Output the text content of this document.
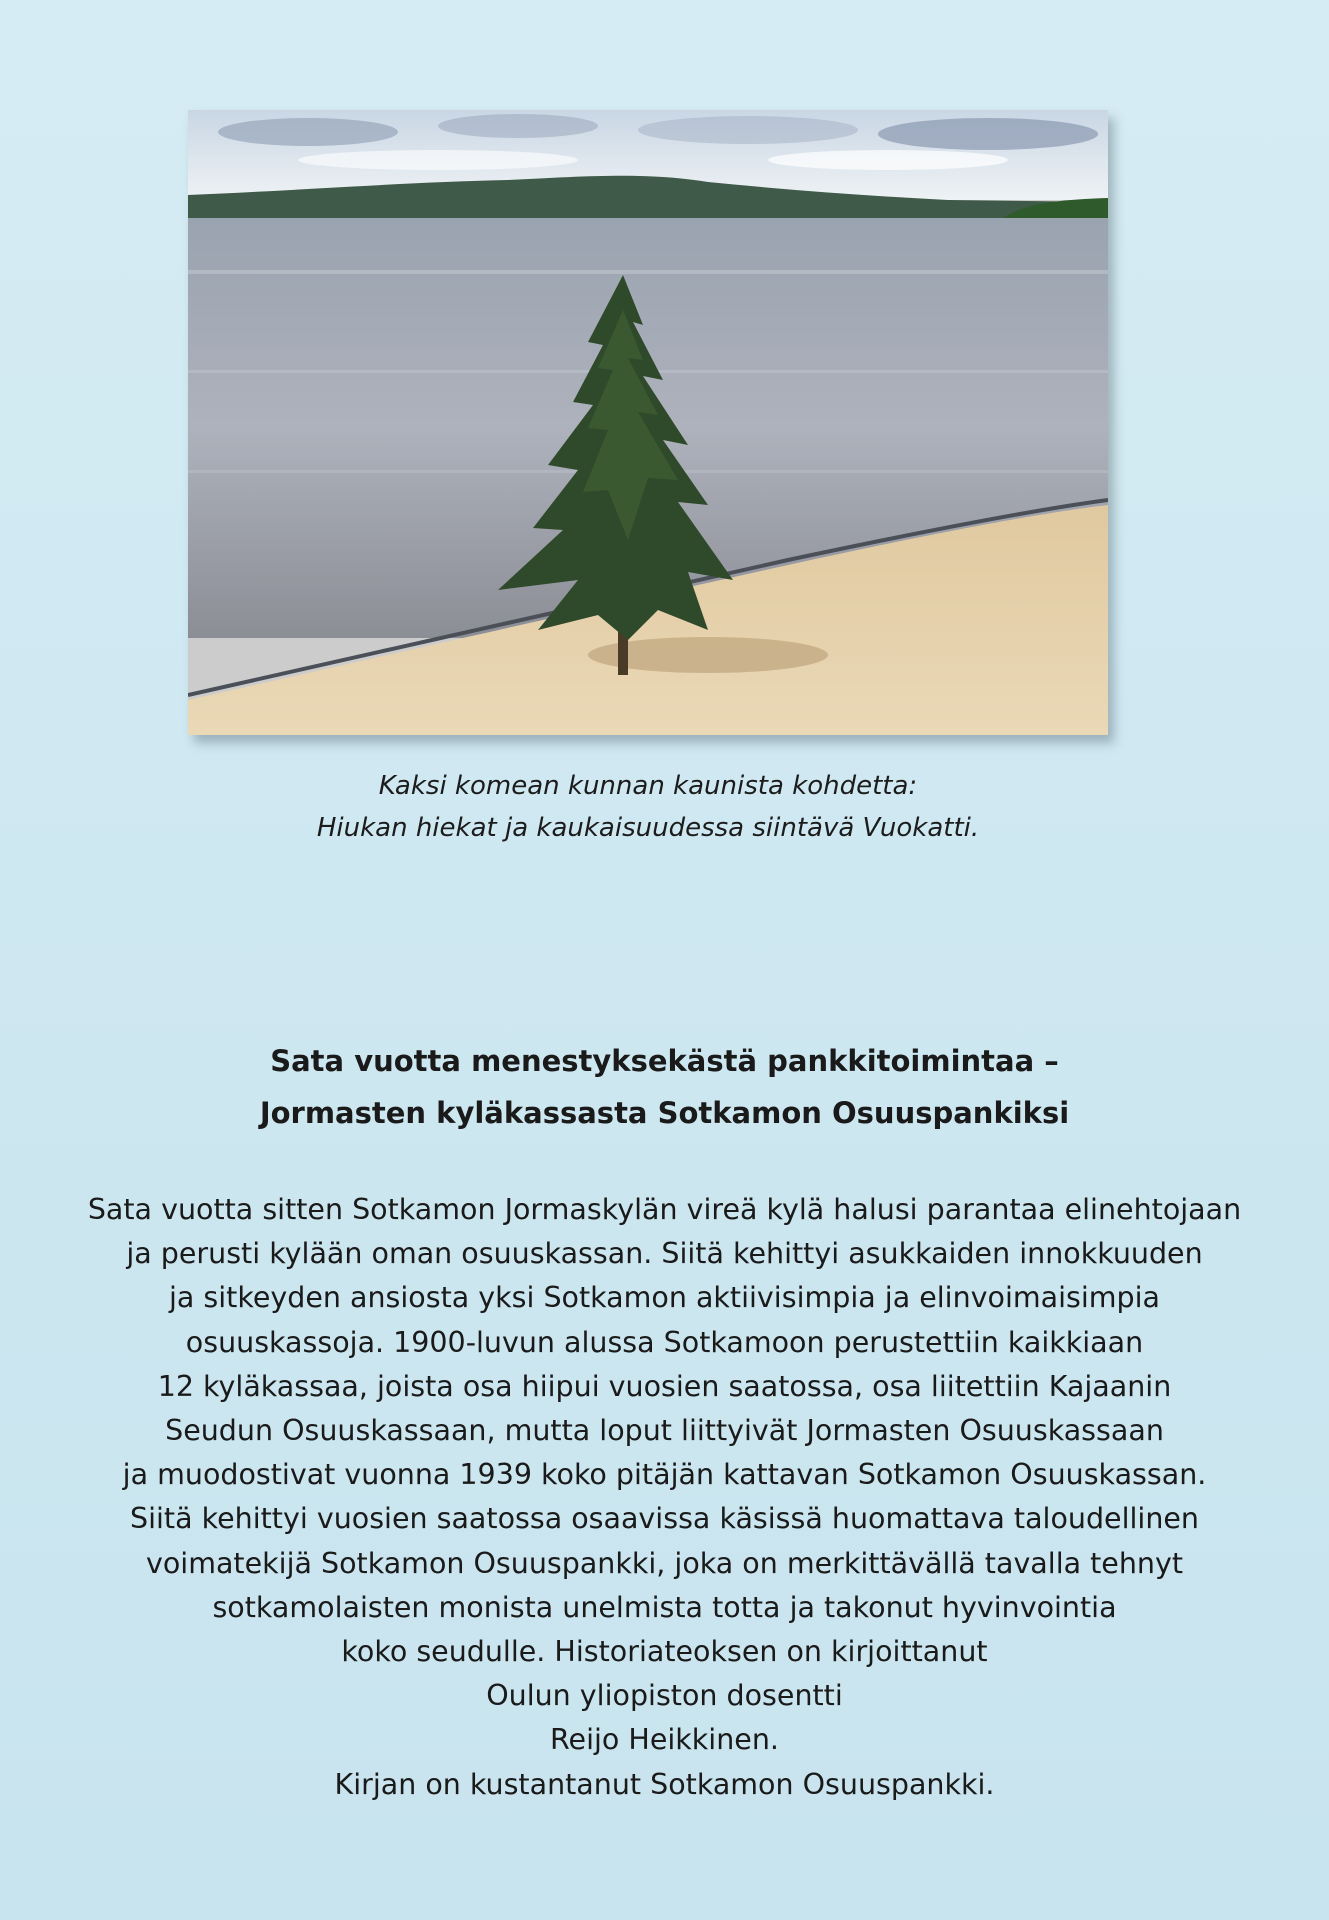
Kaksi komean kunnan kaunista kohdetta:
Hiukan hiekat ja kaukaisuudessa siintävä Vuokatti.
Sata vuotta menestyksekästä pankkitoimintaa –
Jormasten kyläkassasta Sotkamon Osuuspankiksi
Sata vuotta sitten Sotkamon Jormaskylän vireä kylä halusi parantaa elinehtojaan
ja perusti kylään oman osuuskassan. Siitä kehittyi asukkaiden innokkuuden
ja sitkeyden ansiosta yksi Sotkamon aktiivisimpia ja elinvoimaisimpia
osuuskassoja. 1900-luvun alussa Sotkamoon perustettiin kaikkiaan
12 kyläkassaa, joista osa hiipui vuosien saatossa, osa liitettiin Kajaanin
Seudun Osuuskassaan, mutta loput liittyivät Jormasten Osuuskassaan
ja muodostivat vuonna 1939 koko pitäjän kattavan Sotkamon Osuuskassan.
Siitä kehittyi vuosien saatossa osaavissa käsissä huomattava taloudellinen
voimatekijä Sotkamon Osuuspankki, joka on merkittävällä tavalla tehnyt
sotkamolaisten monista unelmista totta ja takonut hyvinvointia
koko seudulle. Historiateoksen on kirjoittanut
Oulun yliopiston dosentti
Reijo Heikkinen.
Kirjan on kustantanut Sotkamon Osuuspankki.
